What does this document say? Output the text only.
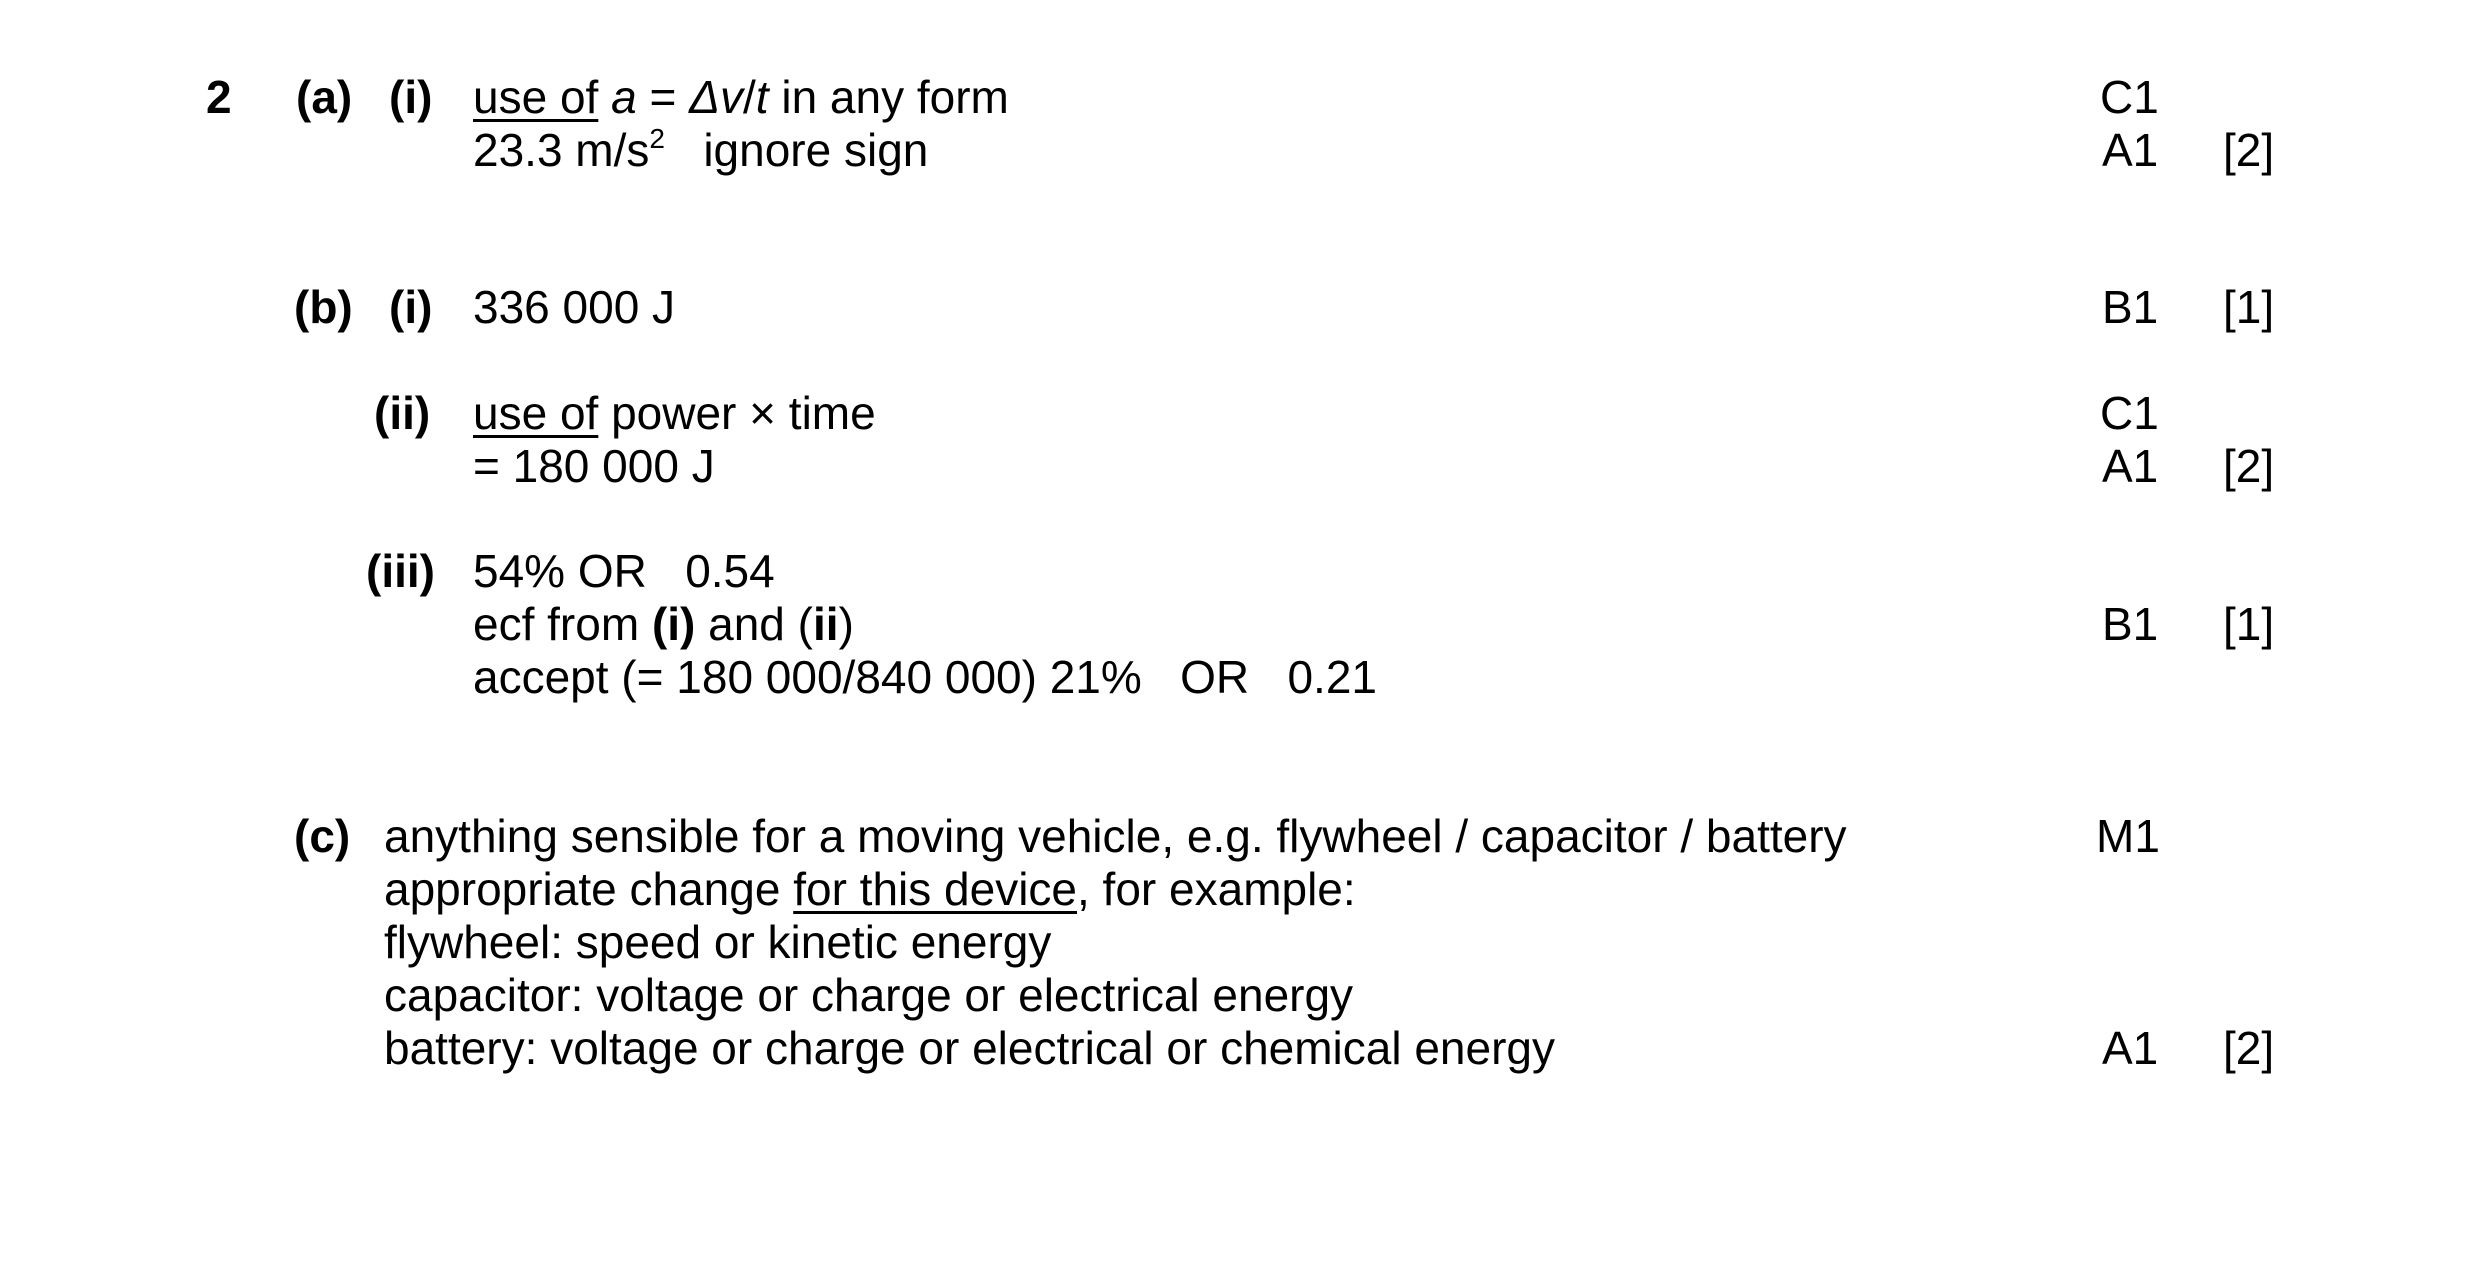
2 (a) (i) use of a = Δv/t in any form
23.3 $m/s^2$   ignore sign
C1
A1 [2]
(b) (i) 336 000 J	B1 [1]
(ii) use of power × time
= 180 000 J
C1
A1 [2]
(iii) 54% OR   0.54
ecf from (i) and (ii)
accept (= 180 000/840 000) 21%   OR   0.21
B1 [1]
(c) anything sensible for a moving vehicle, e.g. flywheel / capacitor / battery
appropriate change for this device, for example:
flywheel: speed or kinetic energy
capacitor: voltage or charge or electrical energy
battery: voltage or charge or electrical or chemical energy
M1
A1 [2]
